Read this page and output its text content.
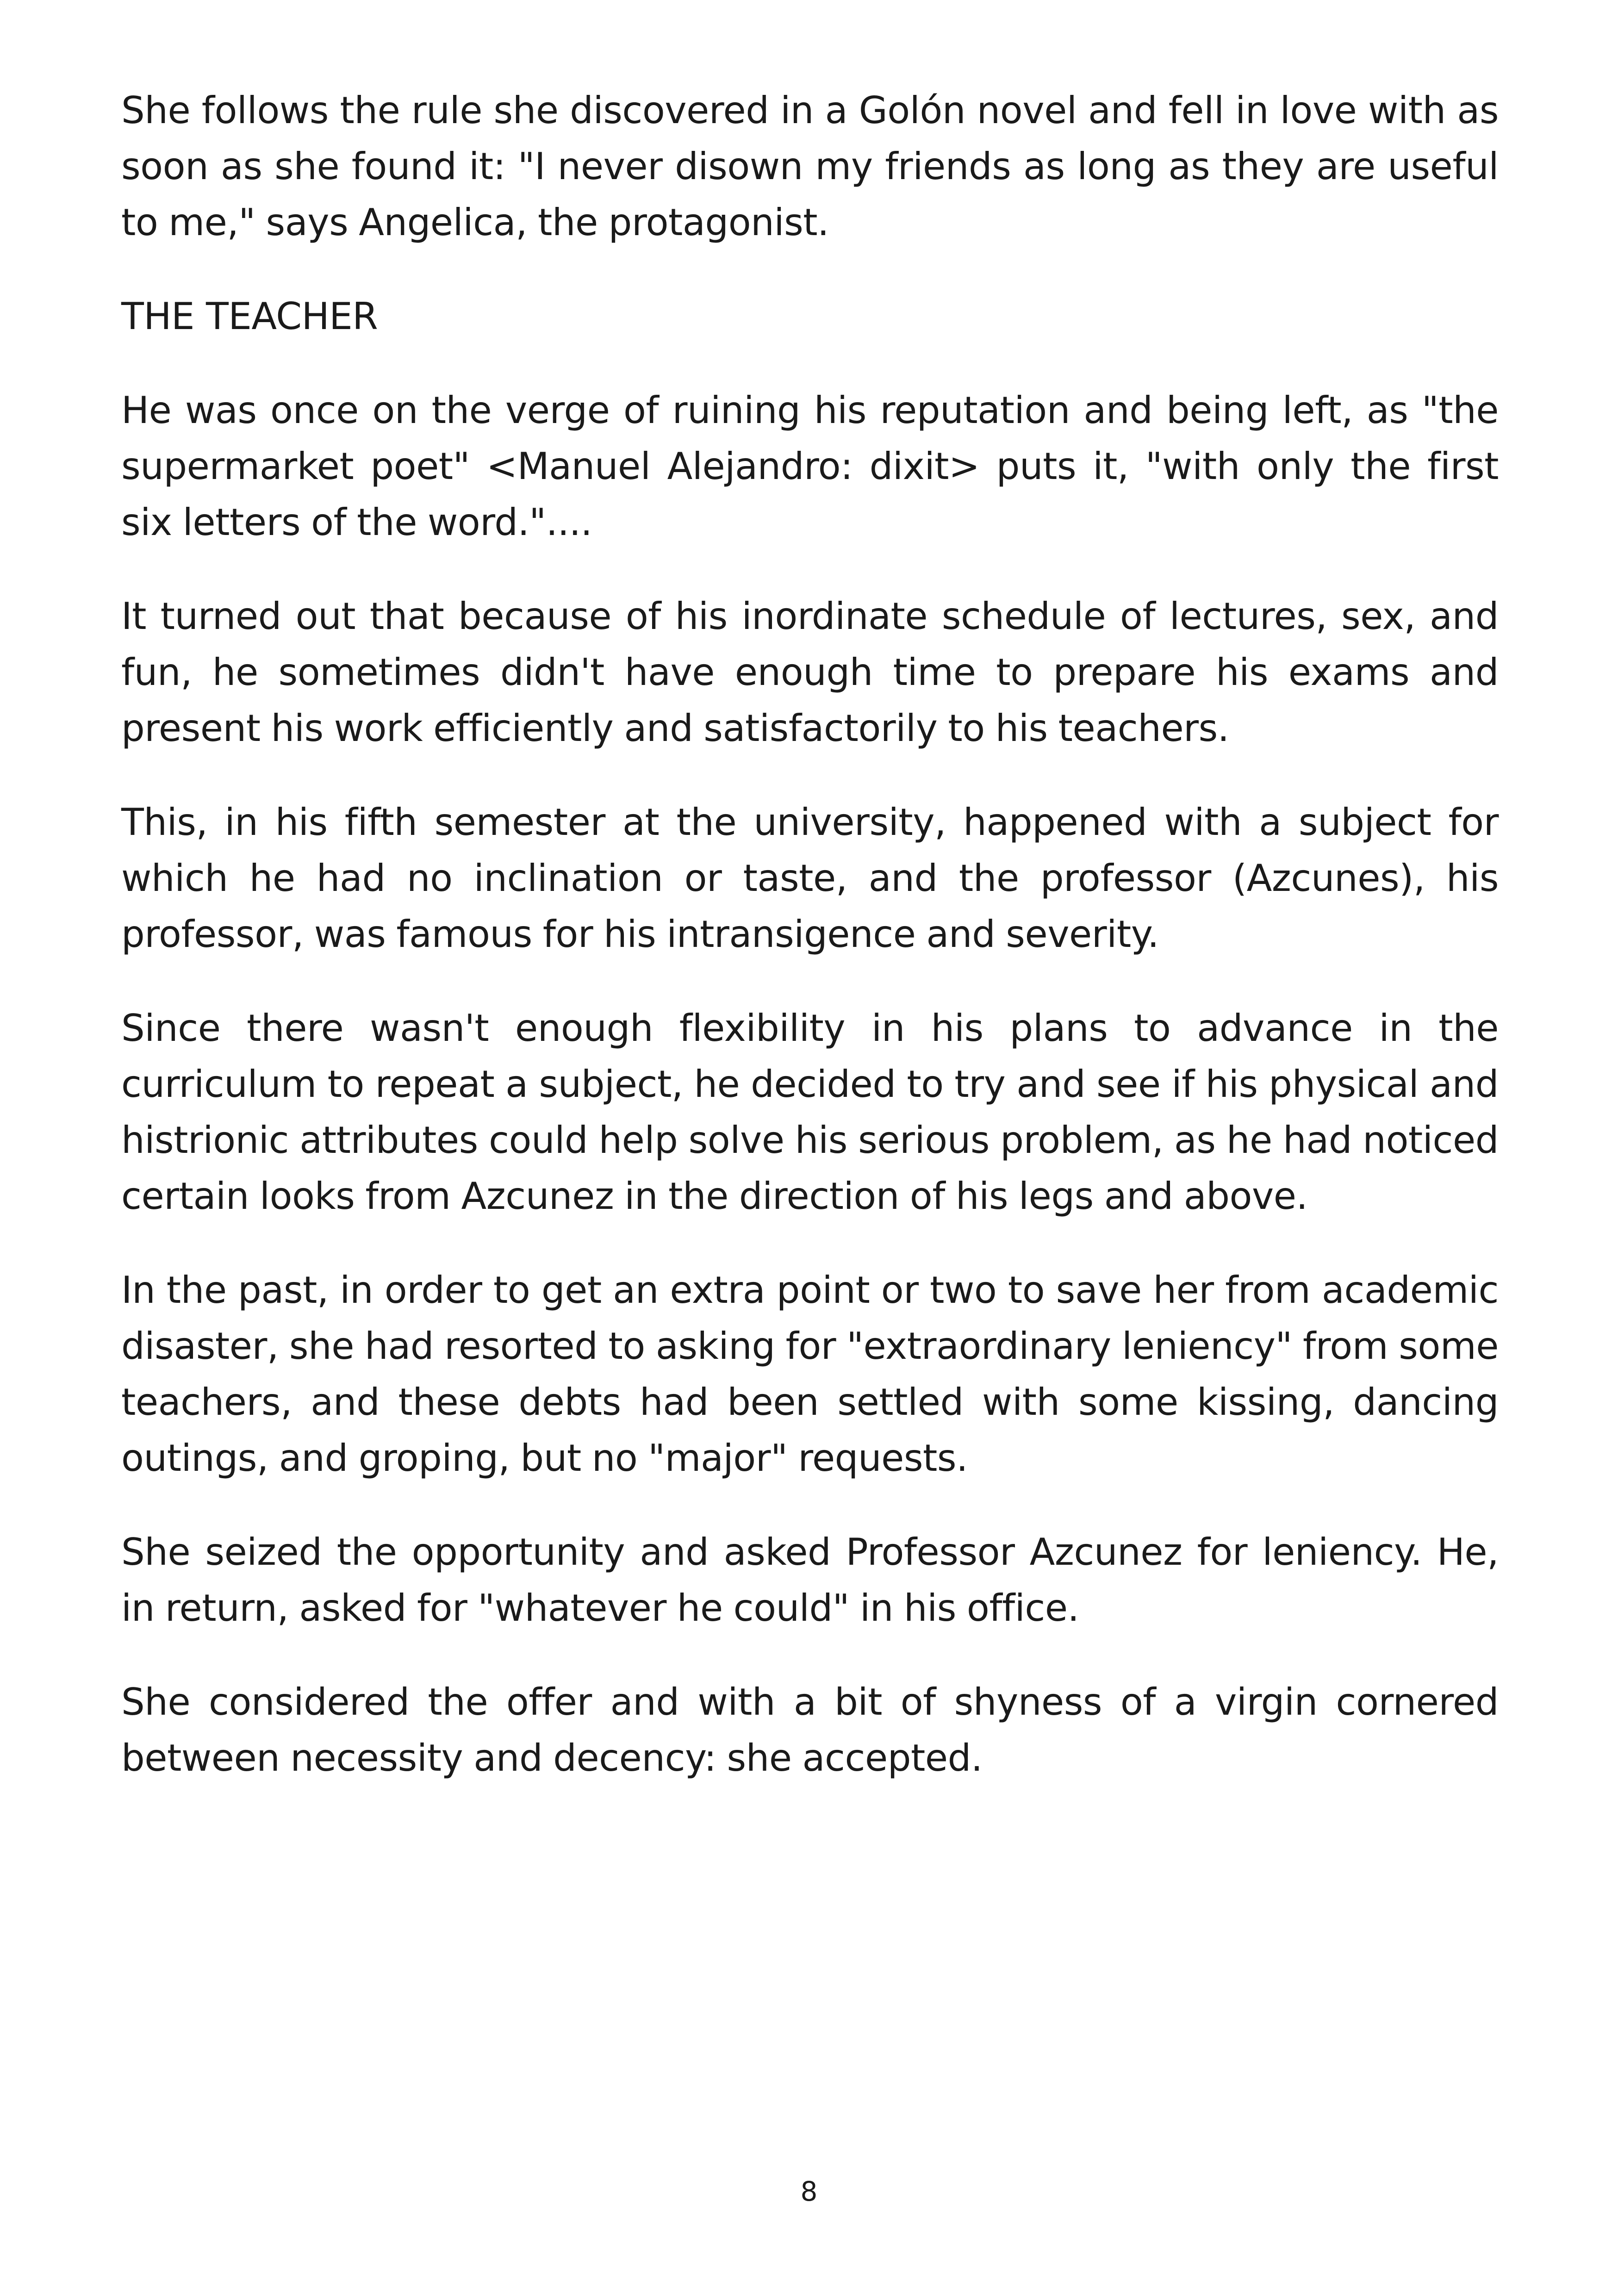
She follows the rule she discovered in a Golón novel and fell in love with as soon as she found it: "I never disown my friends as long as they are useful to me," says Angelica, the protagonist.

THE TEACHER

He was once on the verge of ruining his reputation and being left, as "the supermarket poet" <Manuel Alejandro: dixit> puts it, "with only the first six letters of the word."....

It turned out that because of his inordinate schedule of lectures, sex, and fun, he sometimes didn't have enough time to prepare his exams and present his work efficiently and satisfactorily to his teachers.

This, in his fifth semester at the university, happened with a subject for which he had no inclination or taste, and the professor (Azcunes), his professor, was famous for his intransigence and severity.

Since there wasn't enough flexibility in his plans to advance in the curriculum to repeat a subject, he decided to try and see if his physical and histrionic attributes could help solve his serious problem, as he had noticed certain looks from Azcunez in the direction of his legs and above.

In the past, in order to get an extra point or two to save her from academic disaster, she had resorted to asking for "extraordinary leniency" from some teachers, and these debts had been settled with some kissing, dancing outings, and groping, but no "major" requests.

She seized the opportunity and asked Professor Azcunez for leniency. He, in return, asked for "whatever he could" in his office.

She considered the offer and with a bit of shyness of a virgin cornered between necessity and decency: she accepted.

8
